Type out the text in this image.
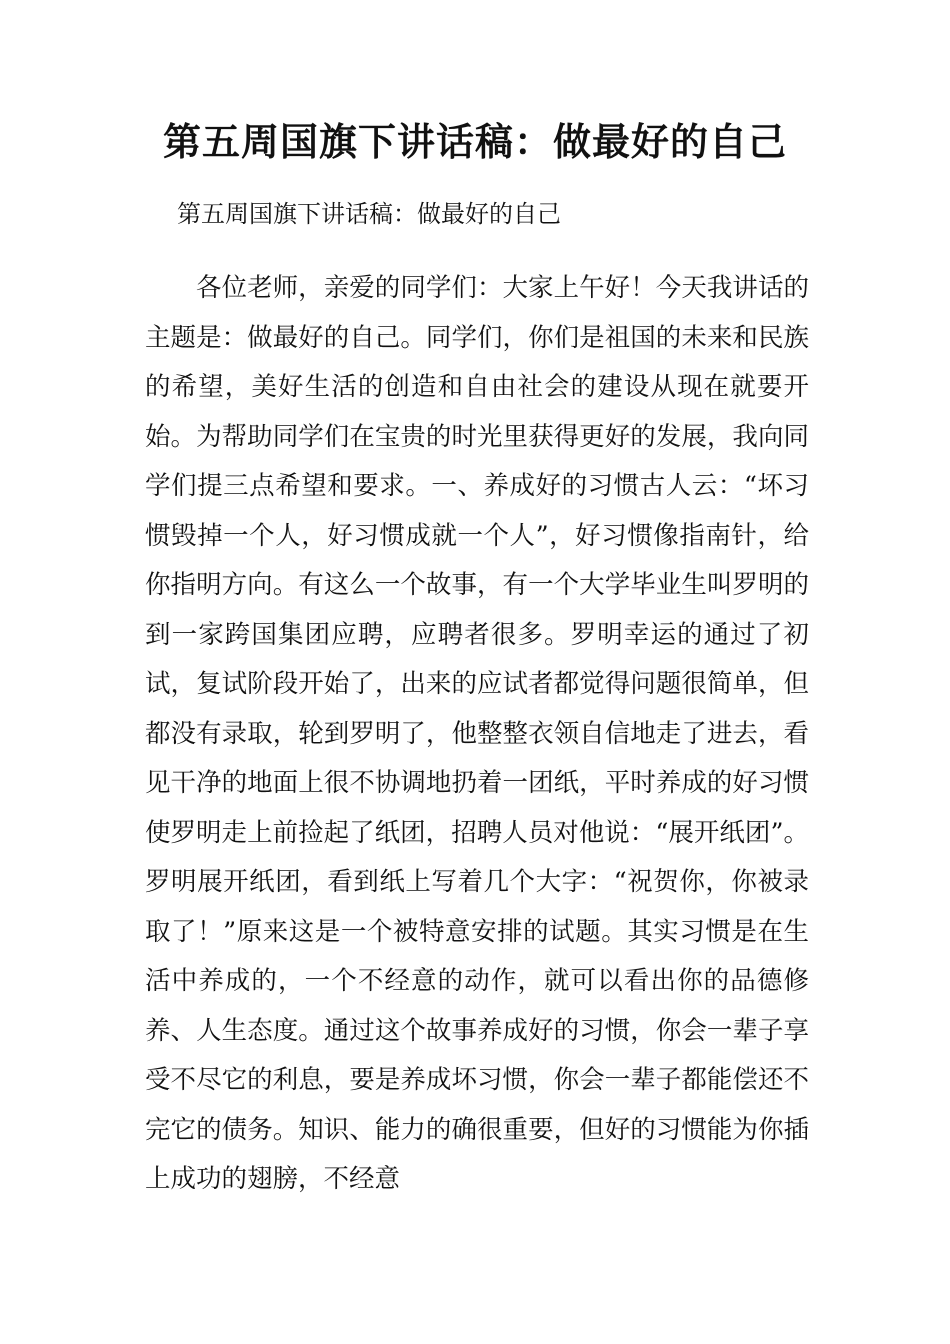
第五周国旗下讲话稿：做最好的自己

第五周国旗下讲话稿：做最好的自己

各位老师，亲爱的同学们：大家上午好！今天我讲话的主题是：做最好的自己。同学们，你们是祖国的未来和民族的希望，美好生活的创造和自由社会的建设从现在就要开始。为帮助同学们在宝贵的时光里获得更好的发展，我向同学们提三点希望和要求。一、养成好的习惯古人云：“坏习惯毁掉一个人，好习惯成就一个人”，好习惯像指南针，给你指明方向。有这么一个故事，有一个大学毕业生叫罗明的到一家跨国集团应聘，应聘者很多。罗明幸运的通过了初试，复试阶段开始了，出来的应试者都觉得问题很简单，但都没有录取，轮到罗明了，他整整衣领自信地走了进去，看见干净的地面上很不协调地扔着一团纸，平时养成的好习惯使罗明走上前捡起了纸团，招聘人员对他说：“展开纸团”。罗明展开纸团，看到纸上写着几个大字：“祝贺你，你被录取了！”原来这是一个被特意安排的试题。其实习惯是在生活中养成的，一个不经意的动作，就可以看出你的品德修养、人生态度。通过这个故事养成好的习惯，你会一辈子享受不尽它的利息，要是养成坏习惯，你会一辈子都能偿还不完它的债务。知识、能力的确很重要，但好的习惯能为你插上成功的翅膀，不经意
